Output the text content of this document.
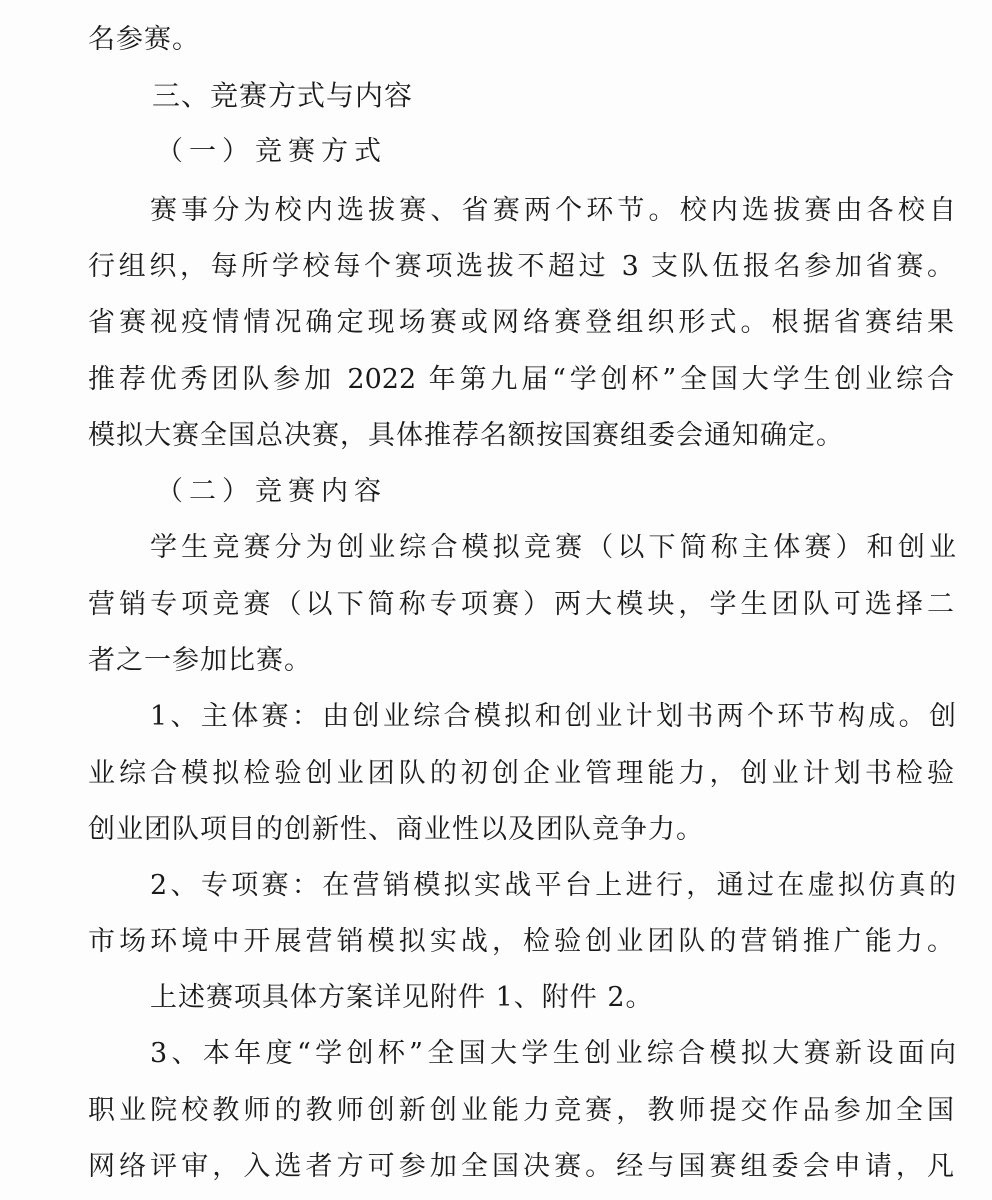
名参赛。
三、竞赛方式与内容
（一）竞赛方式
赛事分为校内选拔赛、省赛两个环节。校内选拔赛由各校自
行组织，每所学校每个赛项选拔不超过 3 支队伍报名参加省赛。
省赛视疫情情况确定现场赛或网络赛登组织形式。根据省赛结果
推荐优秀团队参加 2022 年第九届“学创杯”全国大学生创业综合
模拟大赛全国总决赛，具体推荐名额按国赛组委会通知确定。
（二）竞赛内容
学生竞赛分为创业综合模拟竞赛（以下简称主体赛）和创业
营销专项竞赛（以下简称专项赛）两大模块，学生团队可选择二
者之一参加比赛。
1、主体赛：由创业综合模拟和创业计划书两个环节构成。创
业综合模拟检验创业团队的初创企业管理能力，创业计划书检验
创业团队项目的创新性、商业性以及团队竞争力。
2、专项赛：在营销模拟实战平台上进行，通过在虚拟仿真的
市场环境中开展营销模拟实战，检验创业团队的营销推广能力。
上述赛项具体方案详见附件 1、附件 2。
3、本年度“学创杯”全国大学生创业综合模拟大赛新设面向
职业院校教师的教师创新创业能力竞赛，教师提交作品参加全国
网络评审，入选者方可参加全国决赛。经与国赛组委会申请，凡
